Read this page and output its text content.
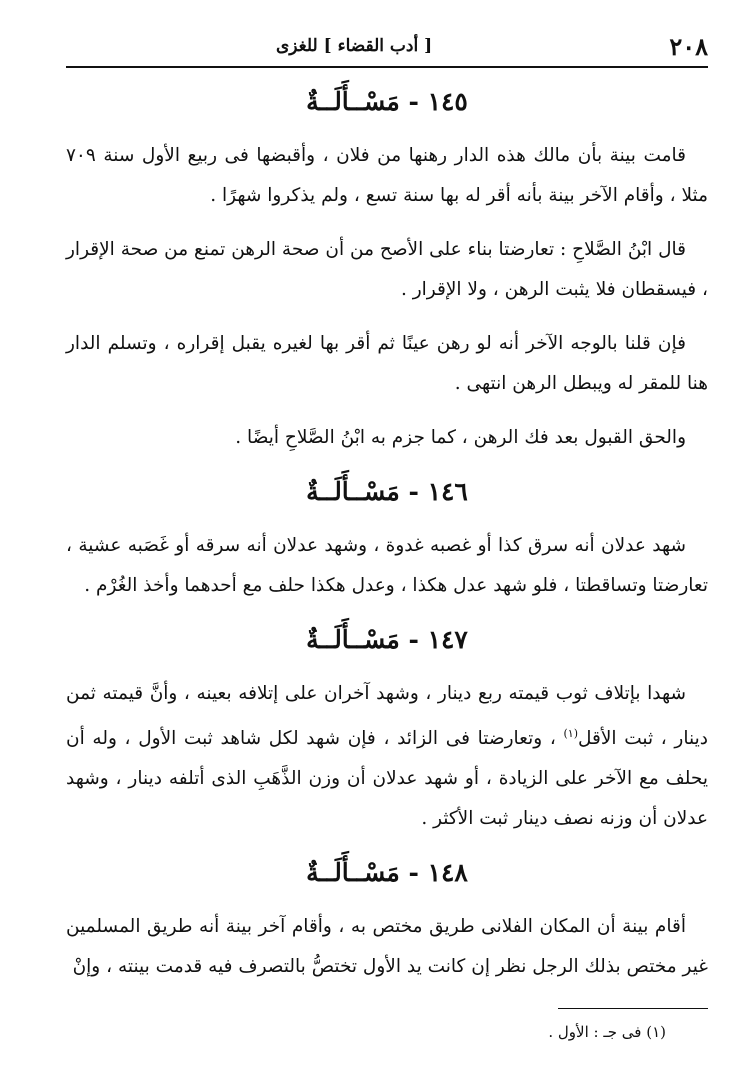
٢٠٨
[ أدب القضاء ] للغزى
١٤٥ - مَسْــأَلَــةٌ

قامت بينة بأن مالك هذه الدار رهنها من فلان ، وأقبضها فى ربيع الأول سنة ٧٠٩ مثلا ، وأقام الآخر بينة بأنه أقر له بها سنة تسع ، ولم يذكروا شهرًا .

قال ابْنُ الصَّلاحِ : تعارضتا بناء على الأصح من أن صحة الرهن تمنع من صحة الإقرار ، فيسقطان فلا يثبت الرهن ، ولا الإقرار .

فإن قلنا بالوجه الآخر أنه لو رهن عينًا ثم أقر بها لغيره يقبل إقراره ، وتسلم الدار هنا للمقر له ويبطل الرهن انتهى .

والحق القبول بعد فك الرهن ، كما جزم به ابْنُ الصَّلاحِ أيضًا .

١٤٦ - مَسْــأَلَــةٌ

شهد عدلان أنه سرق كذا أو غصبه غدوة ، وشهد عدلان أنه سرقه أو غَصَبه عشية ، تعارضتا وتساقطتا ، فلو شهد عدل هكذا ، وعدل هكذا حلف مع أحدهما وأخذ الغُرْم .

١٤٧ - مَسْــأَلَــةٌ

شهدا بإتلاف ثوب قيمته ربع دينار ، وشهد آخران على إتلافه بعينه ، وأنَّ قيمته ثمن دينار ، ثبت الأقل$^{(١)}$ ، وتعارضتا فى الزائد ، فإن شهد لكل شاهد ثبت الأول ، وله أن يحلف مع الآخر على الزيادة ، أو شهد عدلان أن وزن الذَّهَبِ الذى أتلفه دينار ، وشهد عدلان أن وزنه نصف دينار ثبت الأكثر .

١٤٨ - مَسْــأَلَــةٌ

أقام بينة أن المكان الفلانى طريق مختص به ، وأقام آخر بينة أنه طريق المسلمين غير مختص بذلك الرجل نظر إن كانت يد الأول تختصُّ بالتصرف فيه قدمت بينته ، وإنْ

(١) فى جـ : الأول .
